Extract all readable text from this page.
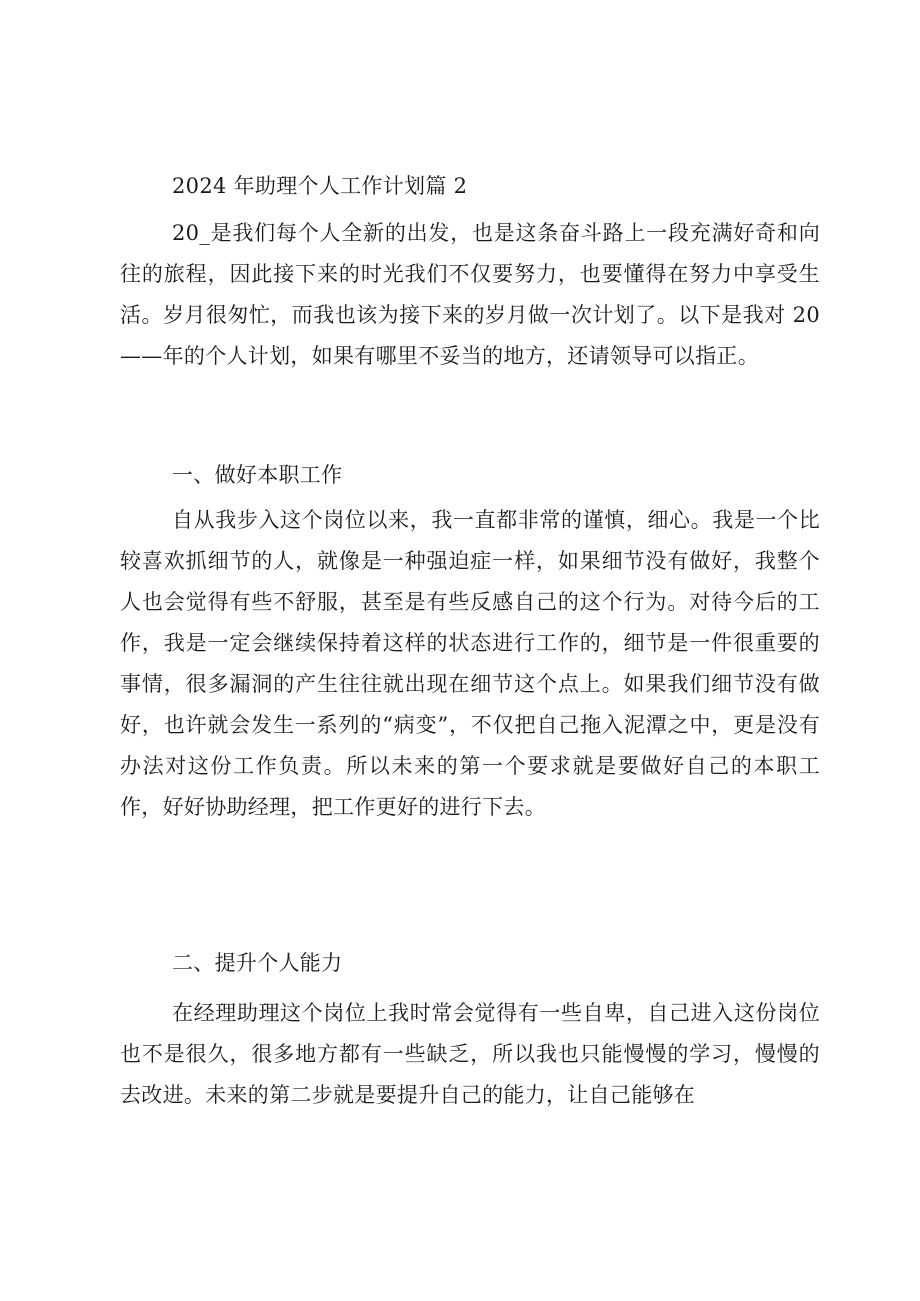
2024 年助理个人工作计划篇 2

20_是我们每个人全新的出发，也是这条奋斗路上一段充满好奇和向往的旅程，因此接下来的时光我们不仅要努力，也要懂得在努力中享受生活。岁月很匆忙，而我也该为接下来的岁月做一次计划了。以下是我对 20——年的个人计划，如果有哪里不妥当的地方，还请领导可以指正。

一、做好本职工作

自从我步入这个岗位以来，我一直都非常的谨慎，细心。我是一个比较喜欢抓细节的人，就像是一种强迫症一样，如果细节没有做好，我整个人也会觉得有些不舒服，甚至是有些反感自己的这个行为。对待今后的工作，我是一定会继续保持着这样的状态进行工作的，细节是一件很重要的事情，很多漏洞的产生往往就出现在细节这个点上。如果我们细节没有做好，也许就会发生一系列的“病变”，不仅把自己拖入泥潭之中，更是没有办法对这份工作负责。所以未来的第一个要求就是要做好自己的本职工作，好好协助经理，把工作更好的进行下去。

二、提升个人能力

在经理助理这个岗位上我时常会觉得有一些自卑，自己进入这份岗位也不是很久，很多地方都有一些缺乏，所以我也只能慢慢的学习，慢慢的去改进。未来的第二步就是要提升自己的能力，让自己能够在
